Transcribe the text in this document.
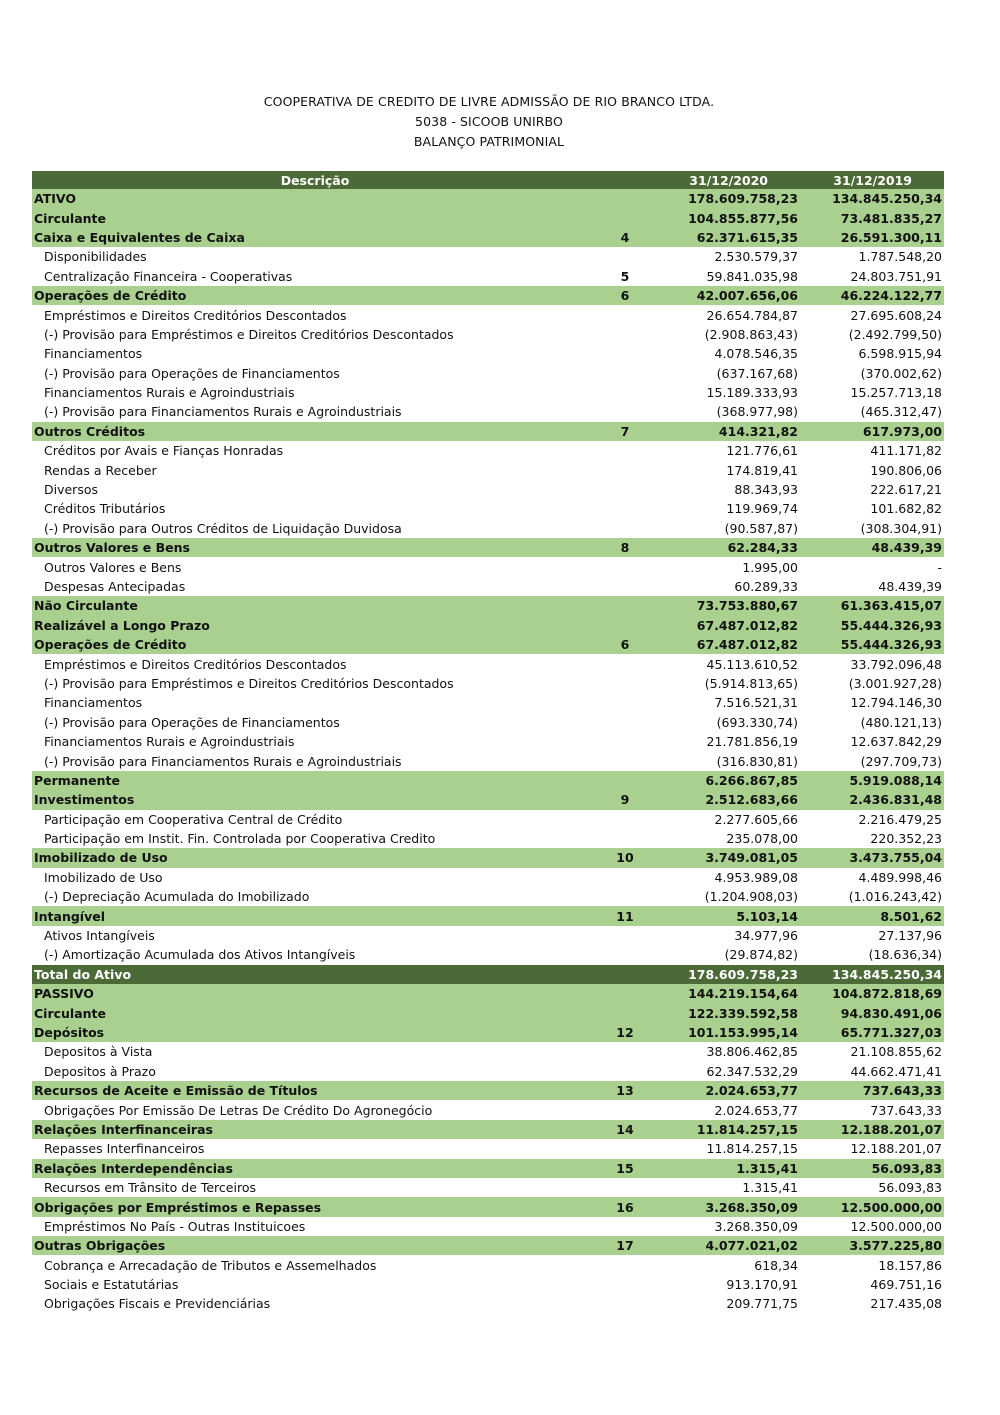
COOPERATIVA DE CREDITO DE LIVRE ADMISSÃO DE RIO BRANCO LTDA.
5038 - SICOOB UNIRBO
BALANÇO PATRIMONIAL
Descrição		31/12/2020	31/12/2019
ATIVO		178.609.758,23	134.845.250,34
Circulante		104.855.877,56	73.481.835,27
Caixa e Equivalentes de Caixa	4	62.371.615,35	26.591.300,11
Disponibilidades		2.530.579,37	1.787.548,20
Centralização Financeira - Cooperativas	5	59.841.035,98	24.803.751,91
Operações de Crédito	6	42.007.656,06	46.224.122,77
Empréstimos e Direitos Creditórios Descontados		26.654.784,87	27.695.608,24
(-) Provisão para Empréstimos e Direitos Creditórios Descontados		(2.908.863,43)	(2.492.799,50)
Financiamentos		4.078.546,35	6.598.915,94
(-) Provisão para Operações de Financiamentos		(637.167,68)	(370.002,62)
Financiamentos Rurais e Agroindustriais		15.189.333,93	15.257.713,18
(-) Provisão para Financiamentos Rurais e Agroindustriais		(368.977,98)	(465.312,47)
Outros Créditos	7	414.321,82	617.973,00
Créditos por Avais e Fianças Honradas		121.776,61	411.171,82
Rendas a Receber		174.819,41	190.806,06
Diversos		88.343,93	222.617,21
Créditos Tributários		119.969,74	101.682,82
(-) Provisão para Outros Créditos de Liquidação Duvidosa		(90.587,87)	(308.304,91)
Outros Valores e Bens	8	62.284,33	48.439,39
Outros Valores e Bens		1.995,00	-
Despesas Antecipadas		60.289,33	48.439,39
Não Circulante		73.753.880,67	61.363.415,07
Realizável a Longo Prazo		67.487.012,82	55.444.326,93
Operações de Crédito	6	67.487.012,82	55.444.326,93
Empréstimos e Direitos Creditórios Descontados		45.113.610,52	33.792.096,48
(-) Provisão para Empréstimos e Direitos Creditórios Descontados		(5.914.813,65)	(3.001.927,28)
Financiamentos		7.516.521,31	12.794.146,30
(-) Provisão para Operações de Financiamentos		(693.330,74)	(480.121,13)
Financiamentos Rurais e Agroindustriais		21.781.856,19	12.637.842,29
(-) Provisão para Financiamentos Rurais e Agroindustriais		(316.830,81)	(297.709,73)
Permanente		6.266.867,85	5.919.088,14
Investimentos	9	2.512.683,66	2.436.831,48
Participação em Cooperativa Central de Crédito		2.277.605,66	2.216.479,25
Participação em Instit. Fin. Controlada por Cooperativa Credito		235.078,00	220.352,23
Imobilizado de Uso	10	3.749.081,05	3.473.755,04
Imobilizado de Uso		4.953.989,08	4.489.998,46
(-) Depreciação Acumulada do Imobilizado		(1.204.908,03)	(1.016.243,42)
Intangível	11	5.103,14	8.501,62
Ativos Intangíveis		34.977,96	27.137,96
(-) Amortização Acumulada dos Ativos Intangíveis		(29.874,82)	(18.636,34)
Total do Ativo		178.609.758,23	134.845.250,34
PASSIVO		144.219.154,64	104.872.818,69
Circulante		122.339.592,58	94.830.491,06
Depósitos	12	101.153.995,14	65.771.327,03
Depositos à Vista		38.806.462,85	21.108.855,62
Depositos à Prazo		62.347.532,29	44.662.471,41
Recursos de Aceite e Emissão de Títulos	13	2.024.653,77	737.643,33
Obrigações Por Emissão De Letras De Crédito Do Agronegócio		2.024.653,77	737.643,33
Relações Interfinanceiras	14	11.814.257,15	12.188.201,07
Repasses Interfinanceiros		11.814.257,15	12.188.201,07
Relações Interdependências	15	1.315,41	56.093,83
Recursos em Trânsito de Terceiros		1.315,41	56.093,83
Obrigações por Empréstimos e Repasses	16	3.268.350,09	12.500.000,00
Empréstimos No País - Outras Instituicoes		3.268.350,09	12.500.000,00
Outras Obrigações	17	4.077.021,02	3.577.225,80
Cobrança e Arrecadação de Tributos e Assemelhados		618,34	18.157,86
Sociais e Estatutárias		913.170,91	469.751,16
Obrigações Fiscais e Previdenciárias		209.771,75	217.435,08
